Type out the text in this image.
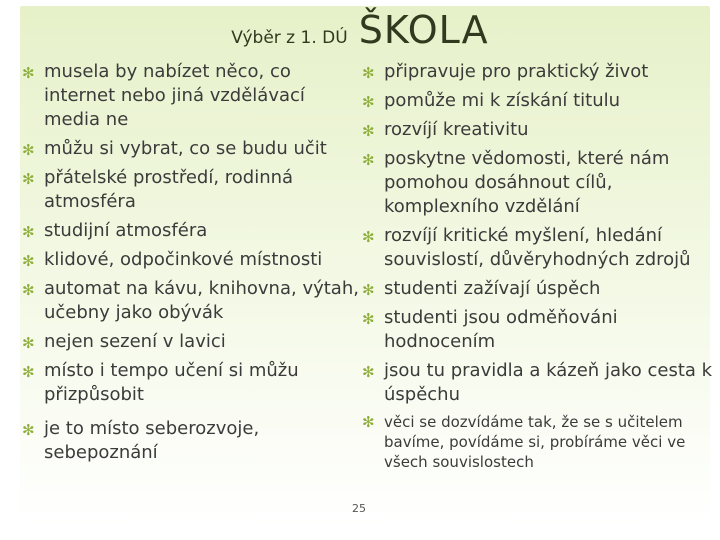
Výběr z 1. DÚ ŠKOLA
✻ musela by nabízet něco, co internet nebo jiná vzdělávací media ne
✻ můžu si vybrat, co se budu učit
✻ přátelské prostředí, rodinná atmosféra
✻ studijní atmosféra
✻ klidové, odpočinkové místnosti
✻ automat na kávu, knihovna, výtah, učebny jako obývák
✻ nejen sezení v lavici
✻ místo i tempo učení si můžu přizpůsobit
✻ je to místo seberozvoje, sebepoznání
✻ připravuje pro praktický život
✻ pomůže mi k získání titulu
✻ rozvíjí kreativitu
✻ poskytne vědomosti, které nám pomohou dosáhnout cílů, komplexního vzdělání
✻ rozvíjí kritické myšlení, hledání souvislostí, důvěryhodných zdrojů
✻ studenti zažívají úspěch
✻ studenti jsou odměňováni hodnocením
✻ jsou tu pravidla a kázeň jako cesta k úspěchu
✻ věci se dozvídáme tak, že se s učitelem bavíme, povídáme si, probíráme věci ve všech souvislostech
25
